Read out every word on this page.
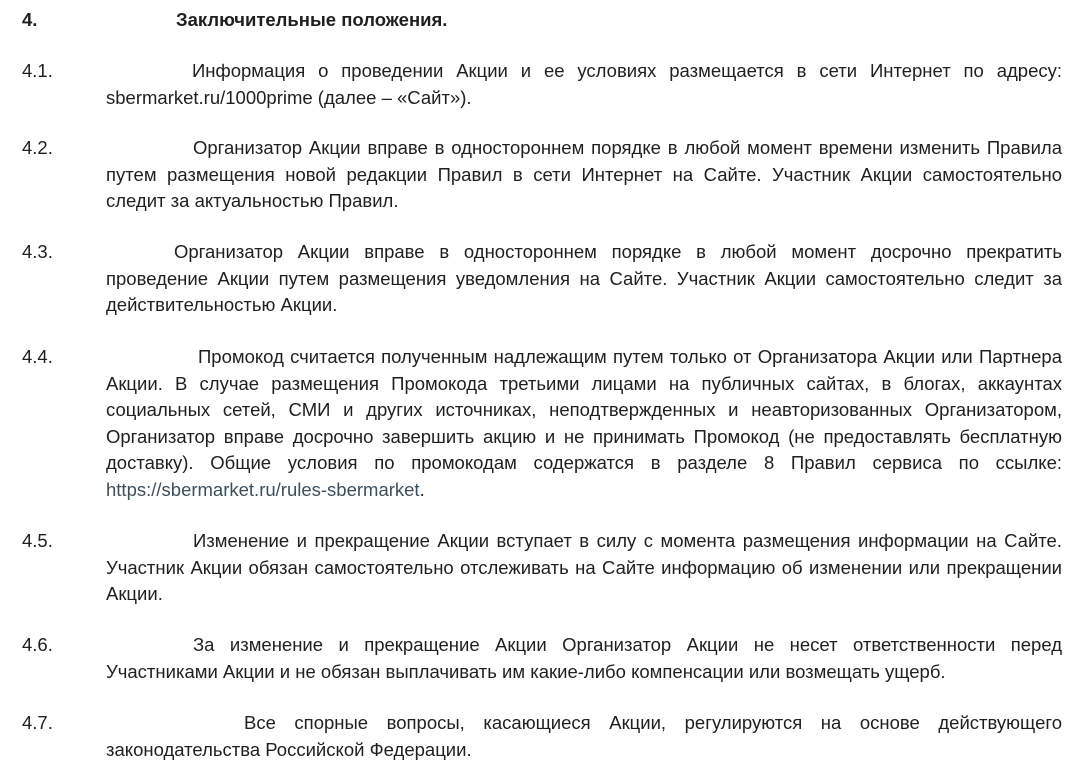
4.	Заключительные положения.
4.1.	Информация о проведении Акции и ее условиях размещается в сети Интернет по адресу: sbermarket.ru/1000prime (далее – «Сайт»).
4.2.	Организатор Акции вправе в одностороннем порядке в любой момент времени изменить Правила путем размещения новой редакции Правил в сети Интернет на Сайте. Участник Акции самостоятельно следит за актуальностью Правил.
4.3.	Организатор Акции вправе в одностороннем порядке в любой момент досрочно прекратить проведение Акции путем размещения уведомления на Сайте. Участник Акции самостоятельно следит за действительностью Акции.
4.4.	Промокод считается полученным надлежащим путем только от Организатора Акции или Партнера Акции. В случае размещения Промокода третьими лицами на публичных сайтах, в блогах, аккаунтах социальных сетей, СМИ и других источниках, неподтвержденных и неавторизованных Организатором, Организатор вправе досрочно завершить акцию и не принимать Промокод (не предоставлять бесплатную доставку). Общие условия по промокодам содержатся в разделе 8 Правил сервиса по ссылке: https://sbermarket.ru/rules-sbermarket.
4.5.	Изменение и прекращение Акции вступает в силу с момента размещения информации на Сайте. Участник Акции обязан самостоятельно отслеживать на Сайте информацию об изменении или прекращении Акции.
4.6.	За изменение и прекращение Акции Организатор Акции не несет ответственности перед Участниками Акции и не обязан выплачивать им какие-либо компенсации или возмещать ущерб.
4.7.	Все спорные вопросы, касающиеся Акции, регулируются на основе действующего законодательства Российской Федерации.
